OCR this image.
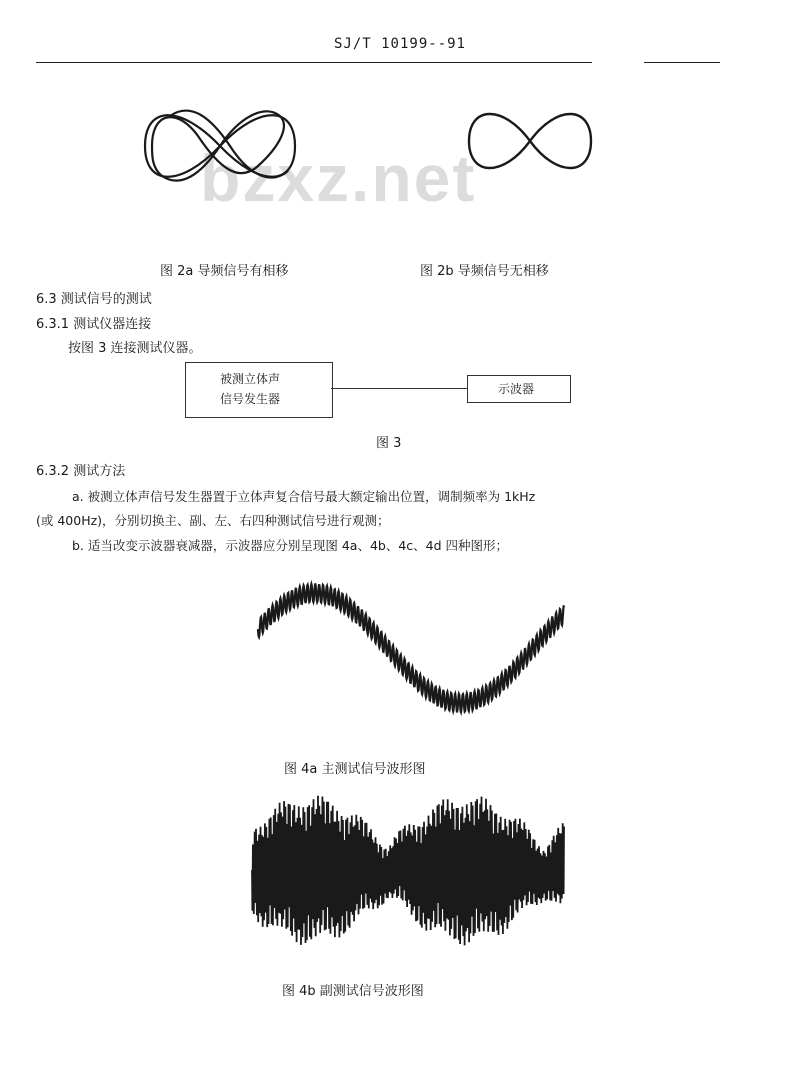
SJ/T 10199--91
bzxz.net
图 2a 导频信号有相移	图 2b 导频信号无相移
6.3 测试信号的测试
6.3.1 测试仪器连接
按图 3 连接测试仪器。
被测立体声
信号发生器
示波器
图 3
6.3.2 测试方法
a. 被测立体声信号发生器置于立体声复合信号最大额定输出位置，调制频率为 1kHz
(或 400Hz)，分别切换主、副、左、右四种测试信号进行观测；
b. 适当改变示波器衰减器，示波器应分别呈现图 4a、4b、4c、4d 四种图形；
图 4a 主测试信号波形图
图 4b 副测试信号波形图
